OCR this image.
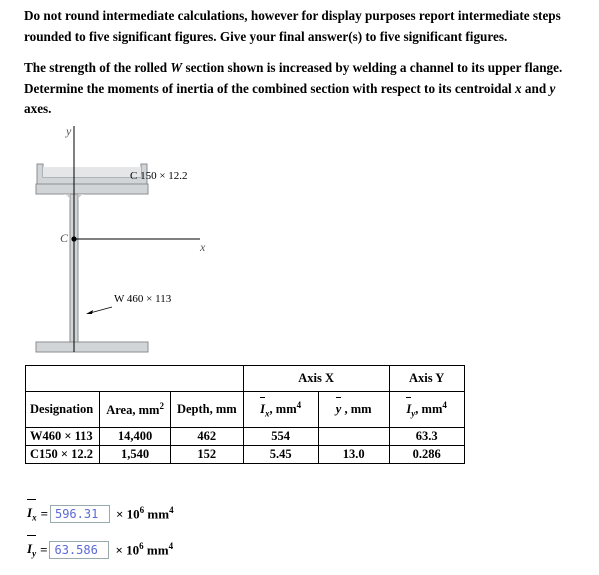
Do not round intermediate calculations, however for display purposes report intermediate steps rounded to five significant figures. Give your final answer(s) to five significant figures.

The strength of the rolled W section shown is increased by welding a channel to its upper flange. Determine the moments of inertia of the combined section with respect to its centroidal x and y axes.

y
x
C
C 150 × 12.2
W 460 × 113
			Axis X		Axis Y
Designation	Area, $mm^2$	Depth, mm	$I_x$, $mm^4$	y , mm	$I_y$, $mm^4$
W460 × 113	14,400	462	554		63.3
C150 × 12.2	1,540	152	5.45	13.0	0.286
$I_x = 596.31$	× $10^6$ $mm^4$
$I_y = 63.586$	× $10^6$ $mm^4$
